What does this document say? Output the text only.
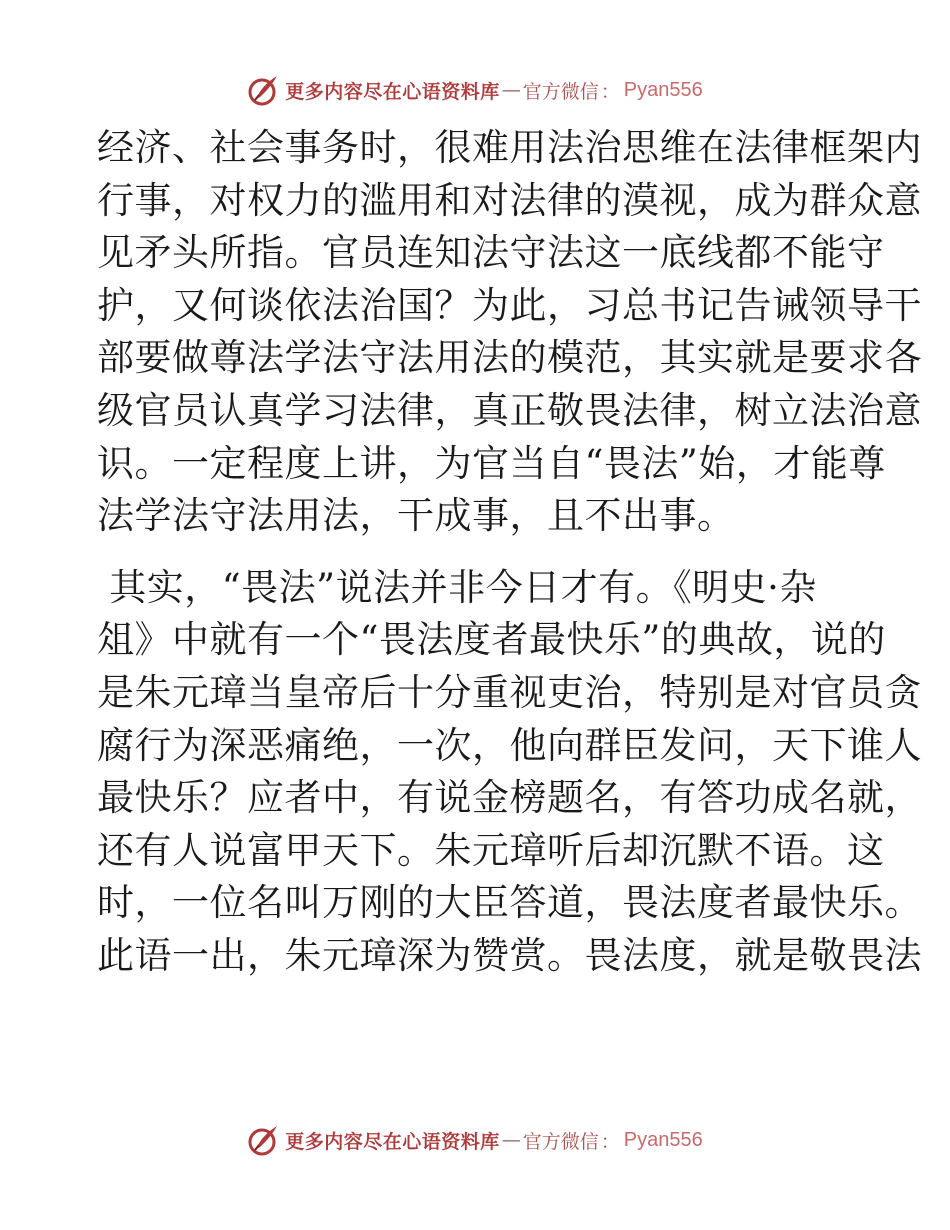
更多内容尽在心语资料库 — 官方微信 ： Pyan556
经济、社会事务时，很难用法治思维在法律框架内
行事，对权力的滥用和对法律的漠视，成为群众意
见矛头所指。官员连知法守法这一底线都不能守
护，又何谈依法治国？为此，习总书记告诫领导干
部要做尊法学法守法用法的模范，其实就是要求各
级官员认真学习法律，真正敬畏法律，树立法治意
识。一定程度上讲，为官当自“畏法”始，才能尊
法学法守法用法，干成事，且不出事。
其实，“畏法”说法并非今日才有。《明史·杂
俎》中就有一个“畏法度者最快乐”的典故，说的
是朱元璋当皇帝后十分重视吏治，特别是对官员贪
腐行为深恶痛绝，一次，他向群臣发问，天下谁人
最快乐？应者中，有说金榜题名，有答功成名就，
还有人说富甲天下。朱元璋听后却沉默不语。这
时，一位名叫万刚的大臣答道，畏法度者最快乐。
此语一出，朱元璋深为赞赏。畏法度，就是敬畏法
更多内容尽在心语资料库 — 官方微信 ： Pyan556
